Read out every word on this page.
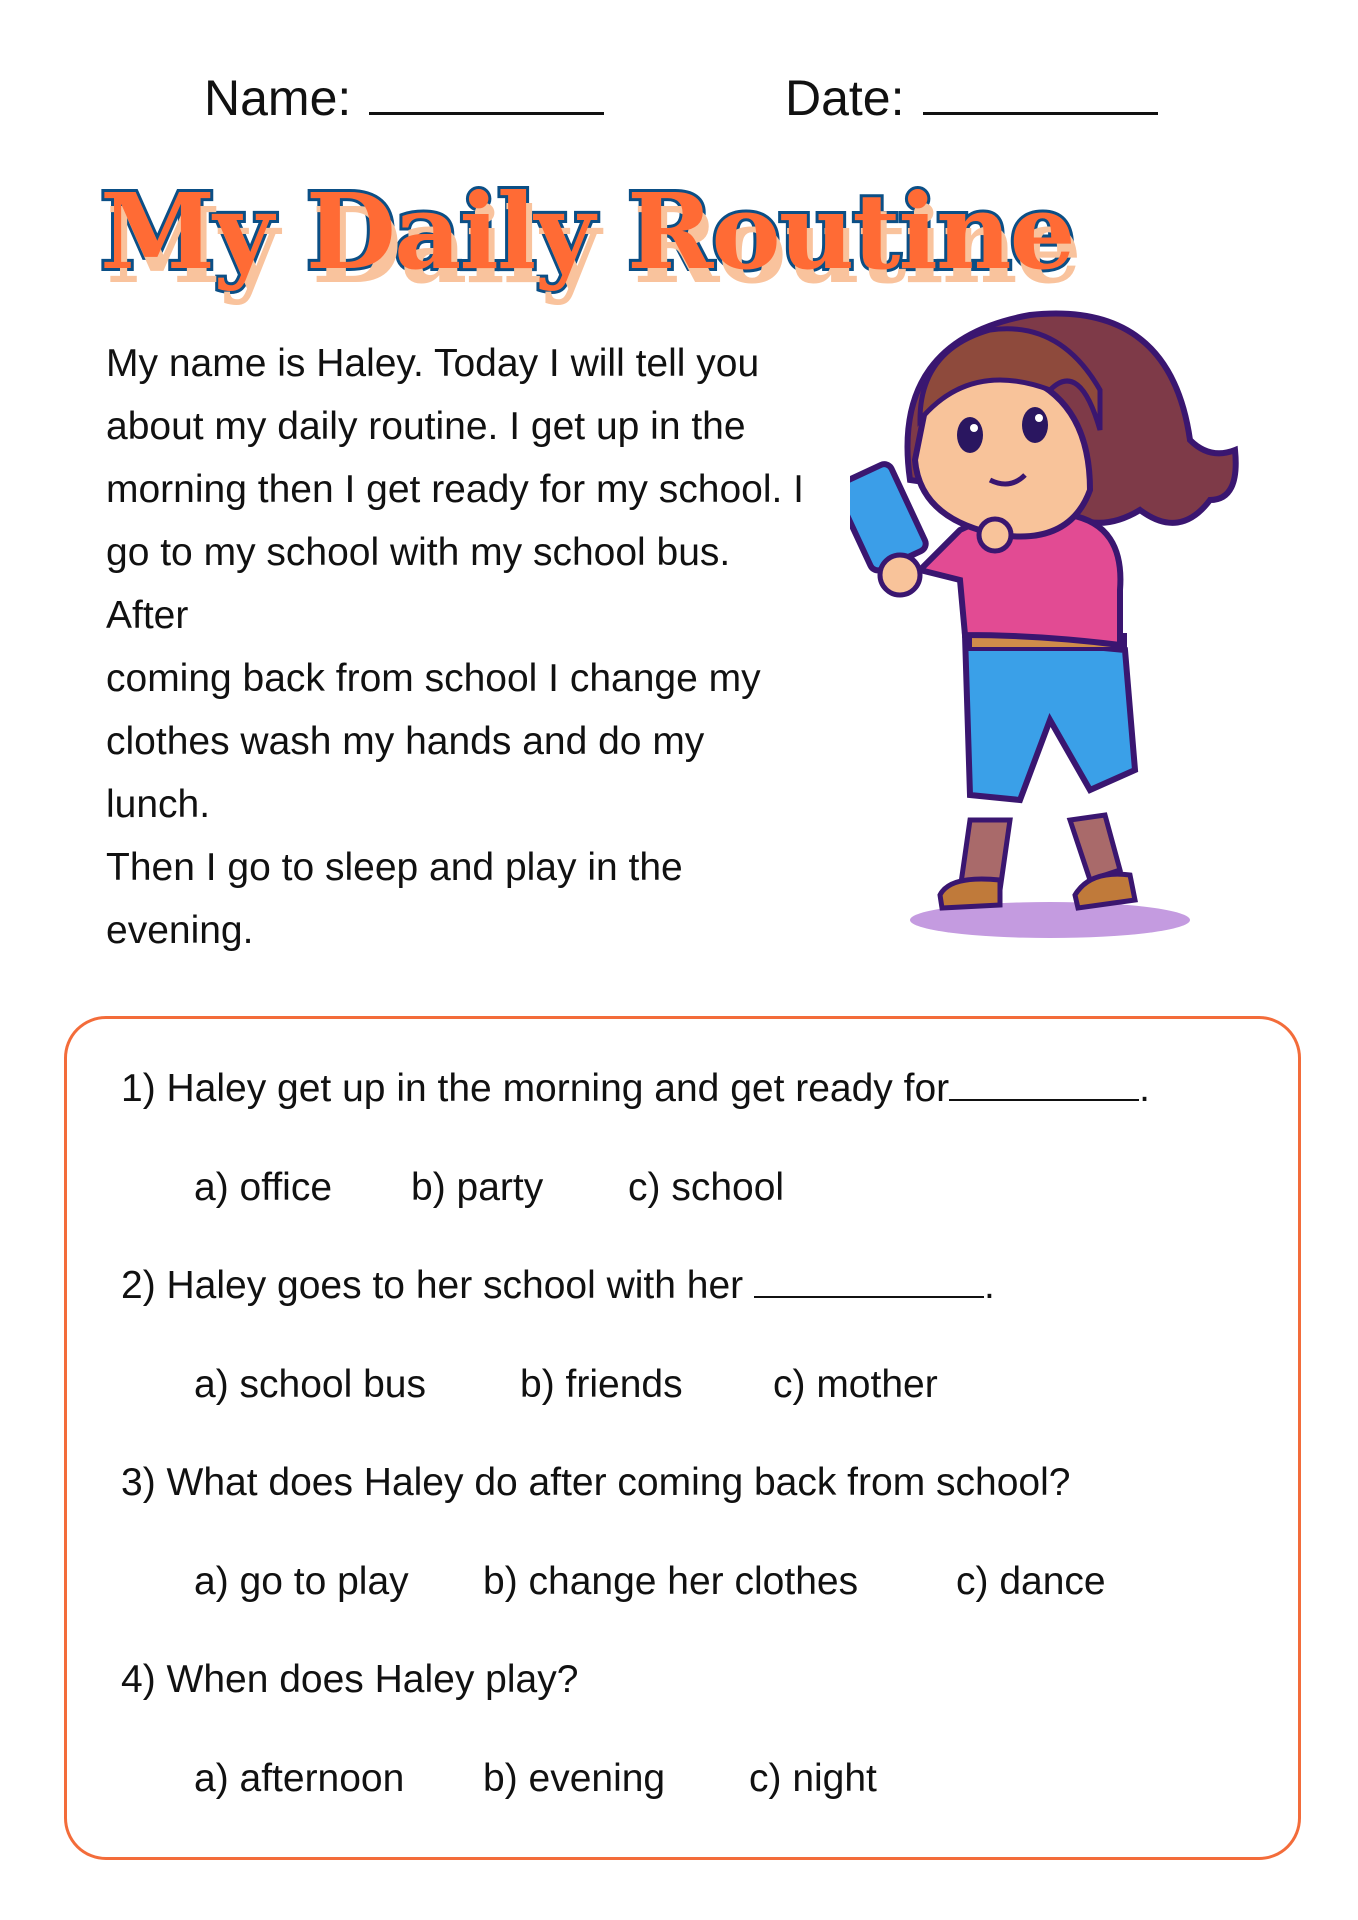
Name:	Date:
My Daily Routine
My name is Haley. Today I will tell you
about my daily routine. I get up in the
morning then I get ready for my school. I
go to my school with my school bus.
After
coming back from school I change my
clothes wash my hands and do my
lunch.
Then I go to sleep and play in the
evening.
1) Haley get up in the morning and get ready for	.
a) office b) party c) school
2) Haley goes to her school with her	.
a) school bus b) friends c) mother
3) What does Haley do after coming back from school?
a) go to play b) change her clothes	c) dance
4) When does Haley play?
a) afternoon b) evening c) night
